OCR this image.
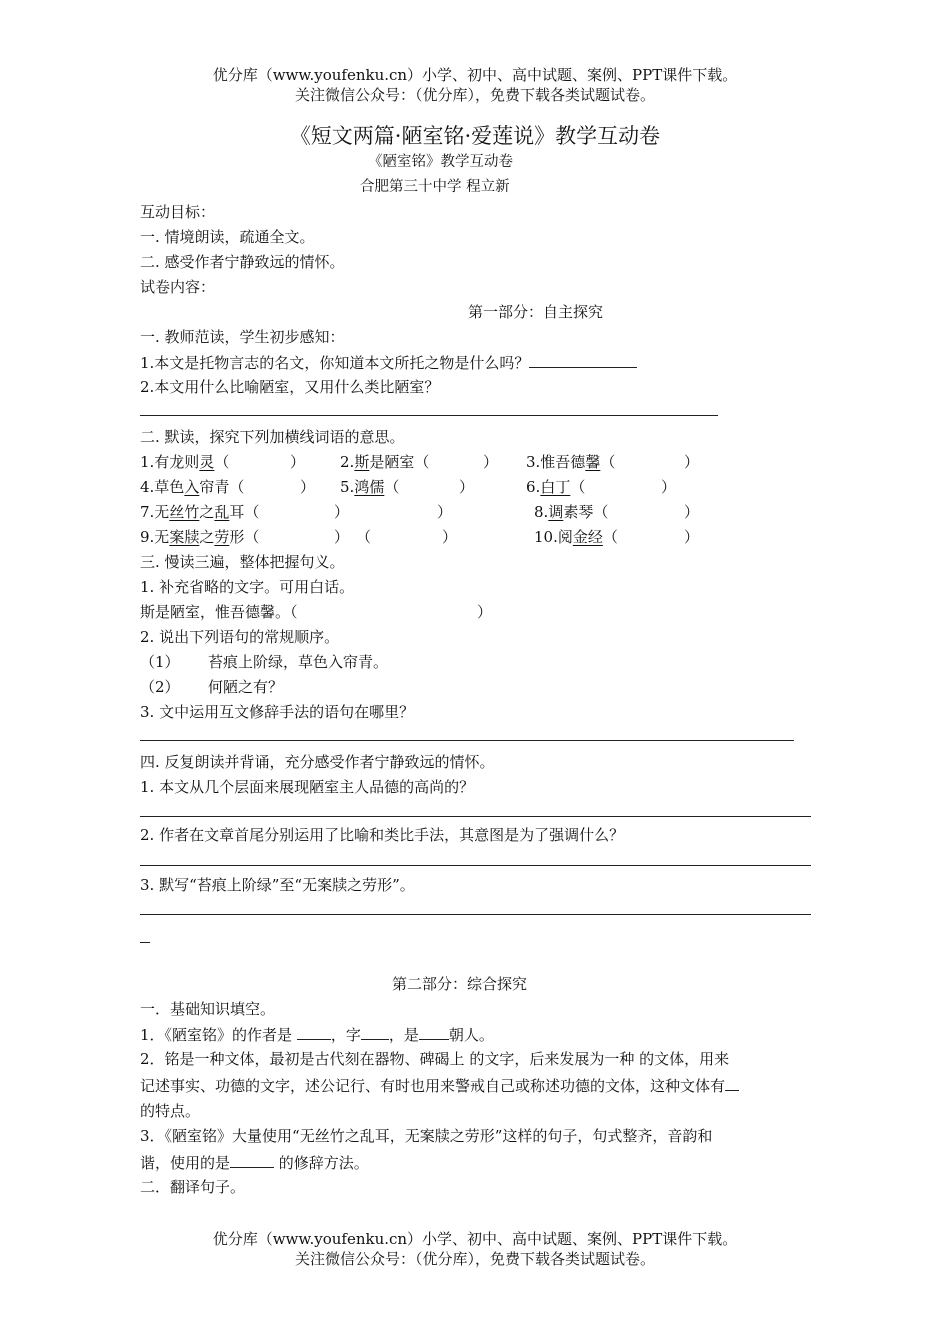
优分库（www.youfenku.cn）小学、初中、高中试题、案例、PPT课件下载。
关注微信公众号：（优分库），免费下载各类试题试卷。
《短文两篇·陋室铭·爱莲说》教学互动卷
《陋室铭》教学互动卷
合肥第三十中学 程立新
互动目标：
一. 情境朗读，疏通全文。
二. 感受作者宁静致远的情怀。
试卷内容：
第一部分：自主探究
一. 教师范读，学生初步感知：
1.本文是托物言志的名文，你知道本文所托之物是什么吗？
2.本文用什么比喻陋室，又用什么类比陋室？
二. 默读，探究下列加横线词语的意思。
1.有龙则灵（	） 2.斯是陋室（	） 3.惟吾德馨（	）
4.草色入帘青（	） 5.鸿儒（	）	6.白丁（	）
7.无丝竹之乱耳（	）	）	8.调素琴（	）
9.无案牍之劳形（	） （	）	10.阅金经（	）
三. 慢读三遍，整体把握句义。
1. 补充省略的文字。可用白话。
斯是陋室，惟吾德馨。（	）
2. 说出下列语句的常规顺序。
（1） 苔痕上阶绿，草色入帘青。
（2） 何陋之有？
3. 文中运用互文修辞手法的语句在哪里？
四. 反复朗读并背诵，充分感受作者宁静致远的情怀。
1. 本文从几个层面来展现陋室主人品德的高尚的？
2. 作者在文章首尾分别运用了比喻和类比手法，其意图是为了强调什么？
3. 默写“苔痕上阶绿”至“无案牍之劳形”。
第二部分：综合探究
一．基础知识填空。
1．《陋室铭》的作者是	，字 ，是 朝人。
2．铭是一种文体，最初是古代刻在器物、碑碣上 的文字，后来发展为一种 的文体，用来
记述事实、功德的文字，述公记行、有时也用来警戒自己或称述功德的文体，这种文体有
的特点。
3．《陋室铭》大量使用“无丝竹之乱耳，无案牍之劳形”这样的句子，句式整齐，音韵和
谐，使用的是	的修辞方法。
二．翻译句子。
优分库（www.youfenku.cn）小学、初中、高中试题、案例、PPT课件下载。
关注微信公众号：（优分库），免费下载各类试题试卷。
